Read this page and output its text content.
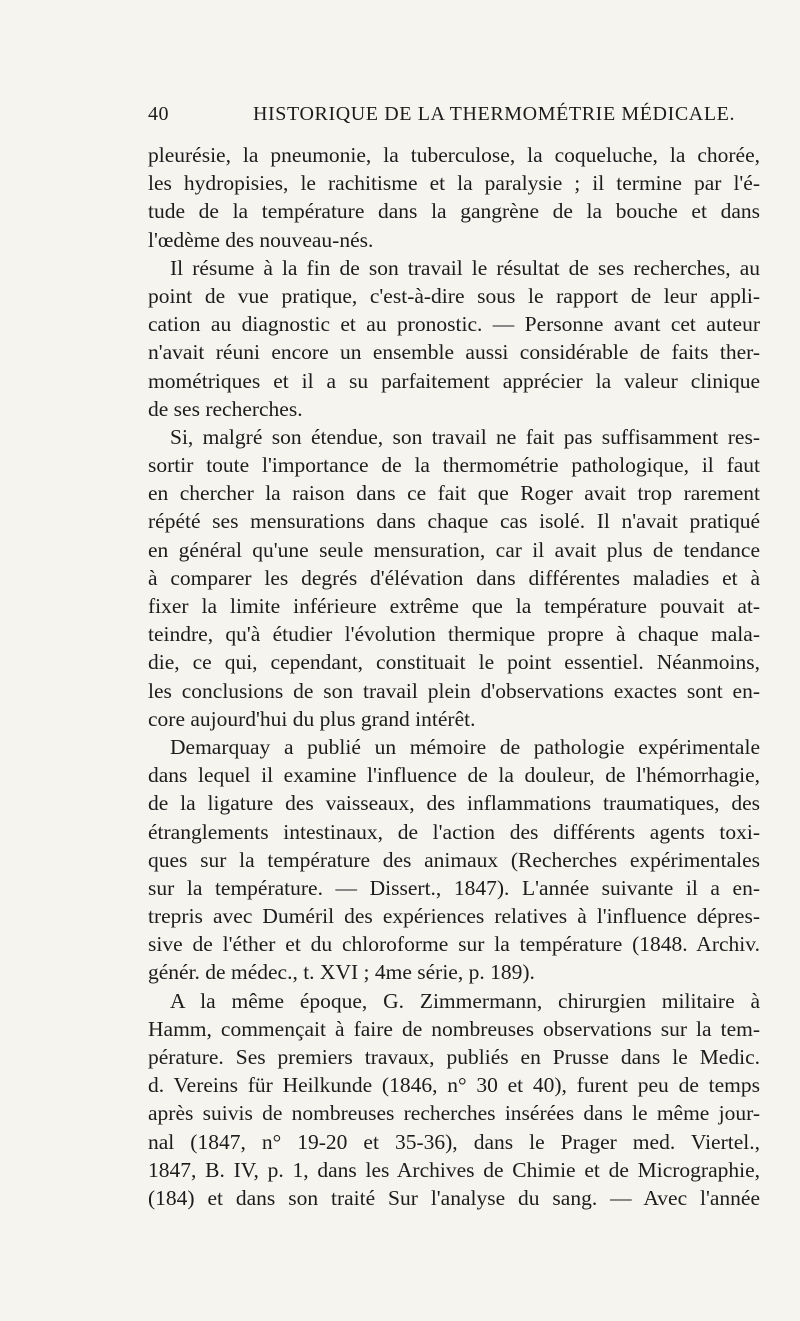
40	HISTORIQUE DE LA THERMOMÉTRIE MÉDICALE.
pleurésie, la pneumonie, la tuberculose, la coqueluche, la chorée,
les hydropisies, le rachitisme et la paralysie ; il termine par l'é-
tude de la température dans la gangrène de la bouche et dans
l'œdème des nouveau-nés.
Il résume à la fin de son travail le résultat de ses recherches, au
point de vue pratique, c'est-à-dire sous le rapport de leur appli-
cation au diagnostic et au pronostic. — Personne avant cet auteur
n'avait réuni encore un ensemble aussi considérable de faits ther-
mométriques et il a su parfaitement apprécier la valeur clinique
de ses recherches.
Si, malgré son étendue, son travail ne fait pas suffisamment res-
sortir toute l'importance de la thermométrie pathologique, il faut
en chercher la raison dans ce fait que Roger avait trop rarement
répété ses mensurations dans chaque cas isolé. Il n'avait pratiqué
en général qu'une seule mensuration, car il avait plus de tendance
à comparer les degrés d'élévation dans différentes maladies et à
fixer la limite inférieure extrême que la température pouvait at-
teindre, qu'à étudier l'évolution thermique propre à chaque mala-
die, ce qui, cependant, constituait le point essentiel. Néanmoins,
les conclusions de son travail plein d'observations exactes sont en-
core aujourd'hui du plus grand intérêt.
Demarquay a publié un mémoire de pathologie expérimentale
dans lequel il examine l'influence de la douleur, de l'hémorrhagie,
de la ligature des vaisseaux, des inflammations traumatiques, des
étranglements intestinaux, de l'action des différents agents toxi-
ques sur la température des animaux (Recherches expérimentales
sur la température. — Dissert., 1847). L'année suivante il a en-
trepris avec Duméril des expériences relatives à l'influence dépres-
sive de l'éther et du chloroforme sur la température (1848. Archiv.
génér. de médec., t. XVI ; 4me série, p. 189).
A la même époque, G. Zimmermann, chirurgien militaire à
Hamm, commençait à faire de nombreuses observations sur la tem-
pérature. Ses premiers travaux, publiés en Prusse dans le Medic.
d. Vereins für Heilkunde (1846, n° 30 et 40), furent peu de temps
après suivis de nombreuses recherches insérées dans le même jour-
nal (1847, n° 19-20 et 35-36), dans le Prager med. Viertel.,
1847, B. IV, p. 1, dans les Archives de Chimie et de Micrographie,
(184) et dans son traité Sur l'analyse du sang. — Avec l'année
